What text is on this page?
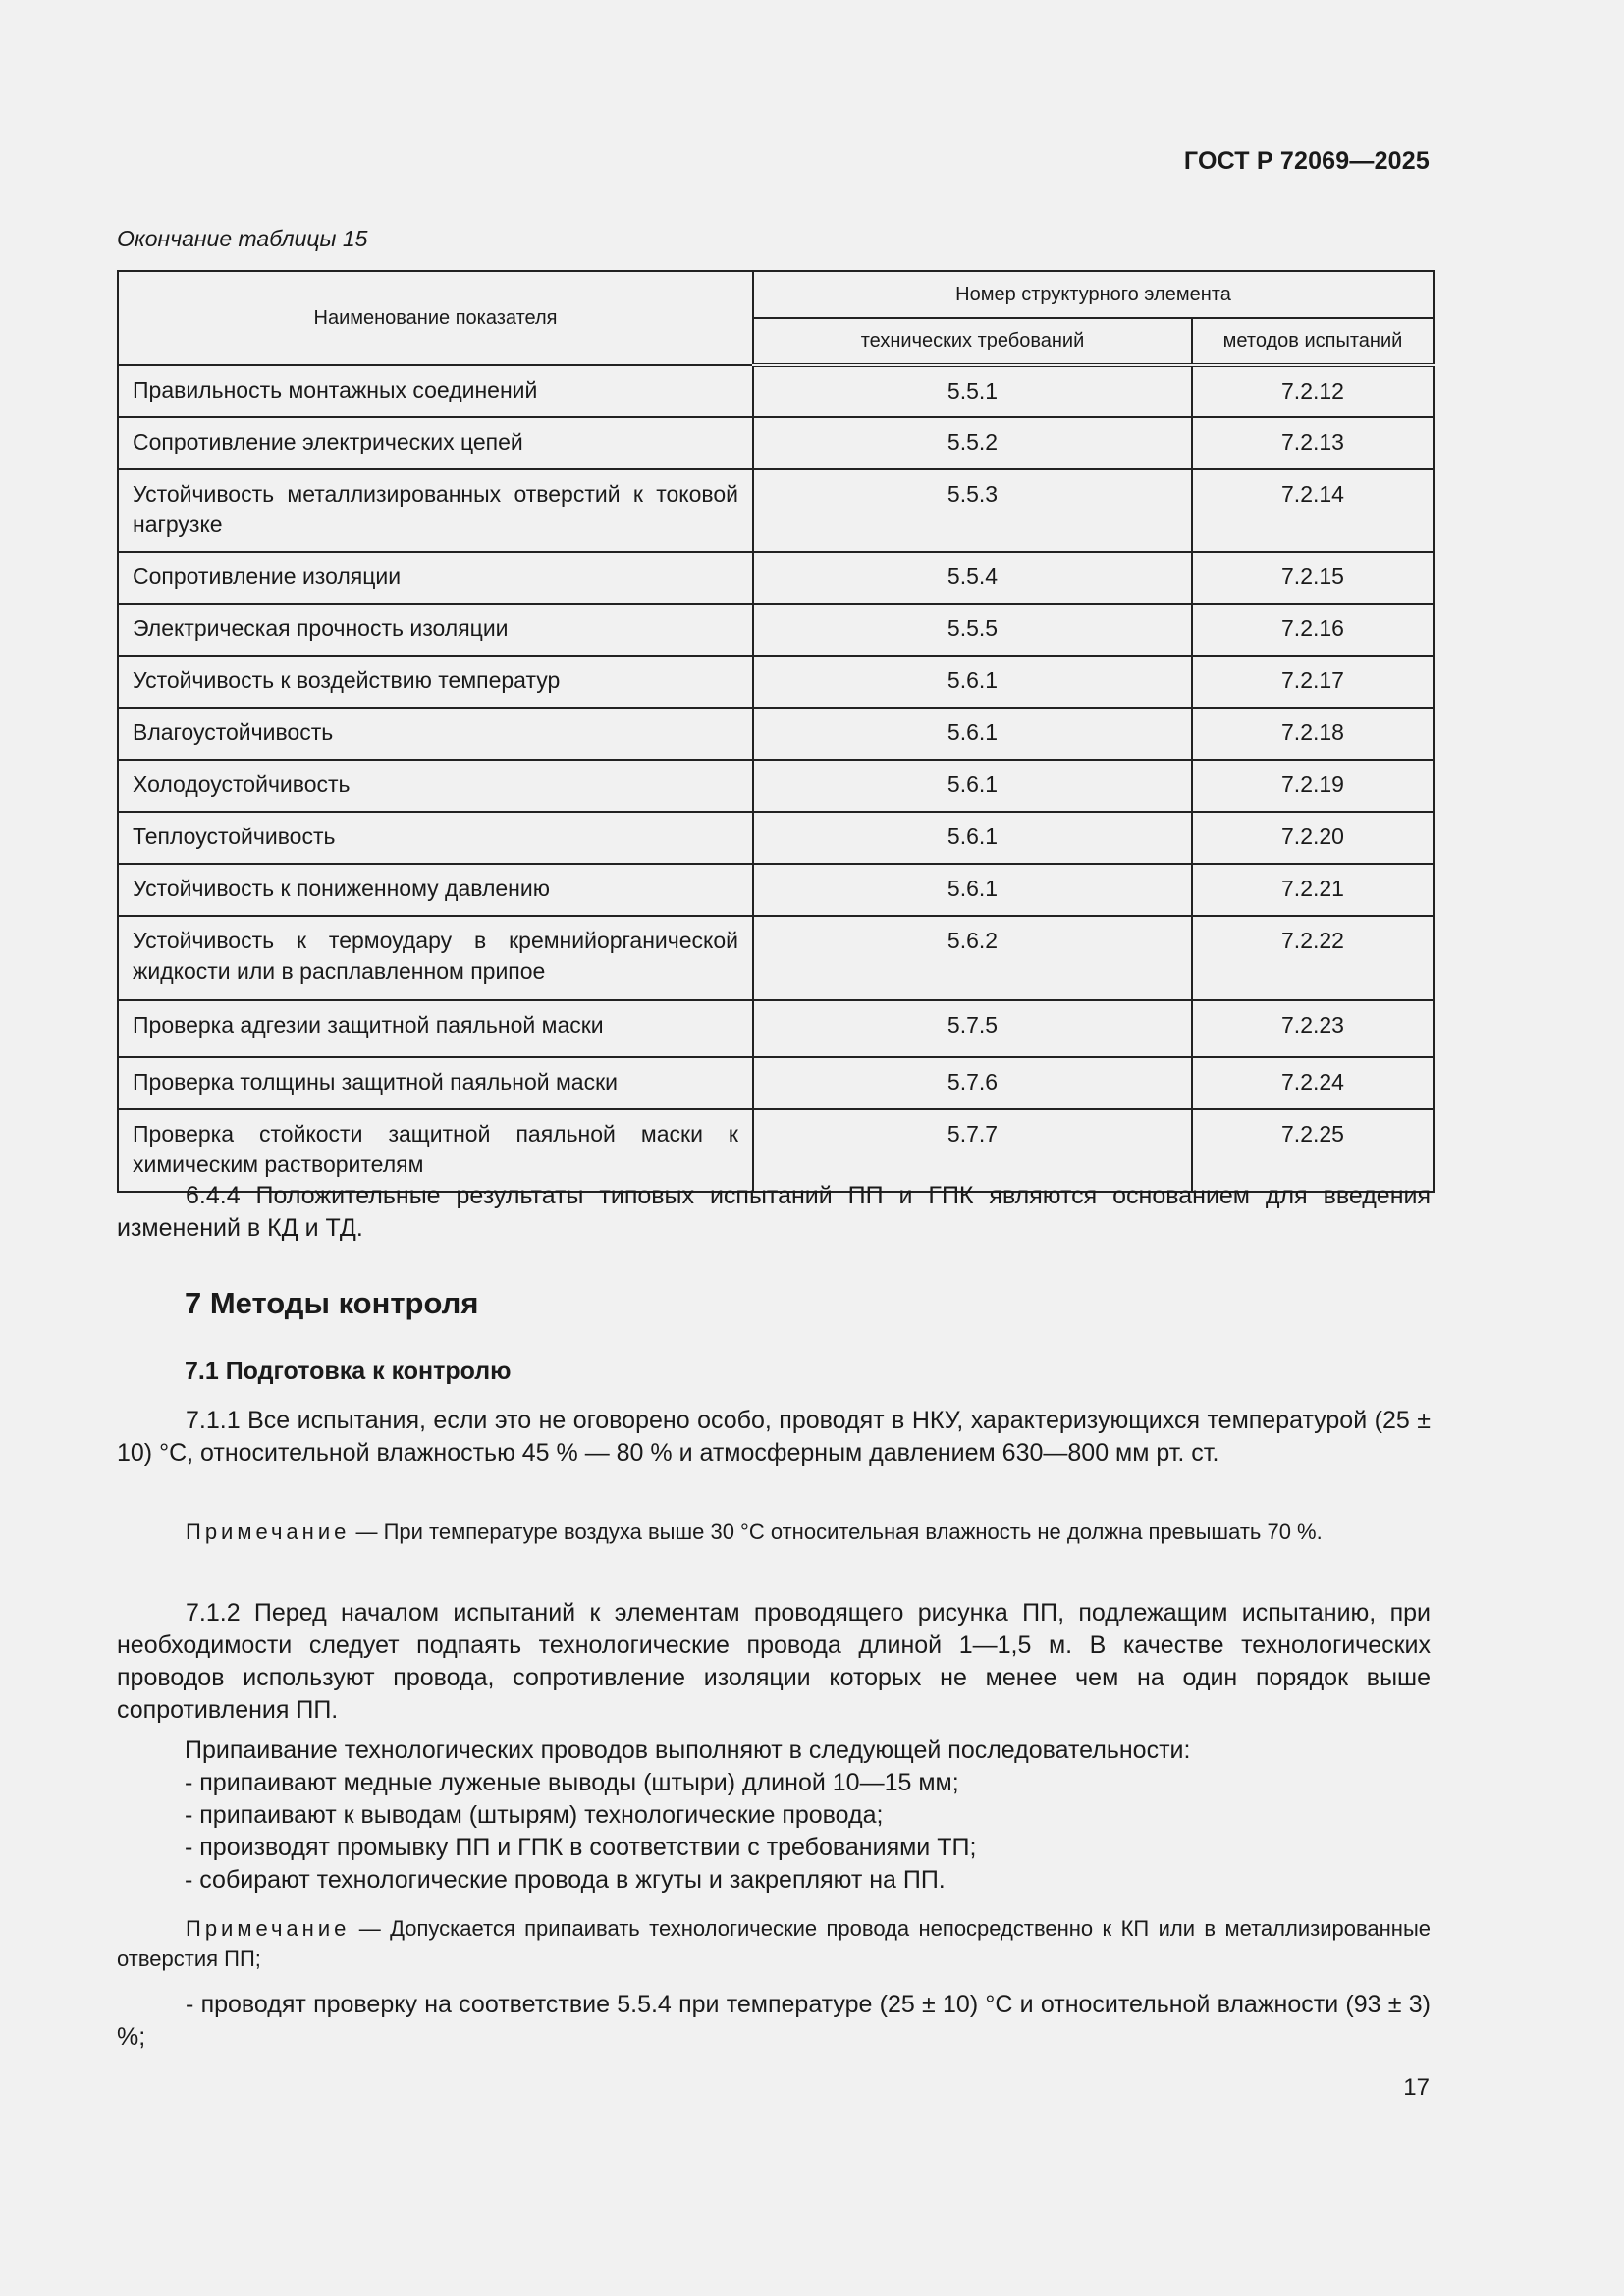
ГОСТ Р 72069—2025
Окончание таблицы 15
Наименование показателя	Номер структурного элемента	
	технических требований	методов испытаний
Правильность монтажных соединений	5.5.1	7.2.12
Сопротивление электрических цепей	5.5.2	7.2.13
Устойчивость металлизированных отверстий к токовой нагрузке	5.5.3	7.2.14
Сопротивление изоляции	5.5.4	7.2.15
Электрическая прочность изоляции	5.5.5	7.2.16
Устойчивость к воздействию температур	5.6.1	7.2.17
Влагоустойчивость	5.6.1	7.2.18
Холодоустойчивость	5.6.1	7.2.19
Теплоустойчивость	5.6.1	7.2.20
Устойчивость к пониженному давлению	5.6.1	7.2.21
Устойчивость к термоудару в кремнийорганической жидкости или в расплавленном припое	5.6.2	7.2.22
Проверка адгезии защитной паяльной маски	5.7.5	7.2.23
Проверка толщины защитной паяльной маски	5.7.6	7.2.24
Проверка стойкости защитной паяльной маски к химическим растворителям	5.7.7	7.2.25
6.4.4 Положительные результаты типовых испытаний ПП и ГПК являются основанием для введения изменений в КД и ТД.
7 Методы контроля
7.1 Подготовка к контролю
7.1.1 Все испытания, если это не оговорено особо, проводят в НКУ, характеризующихся температурой (25 ± 10) °С, относительной влажностью 45 % — 80 % и атмосферным давлением 630—800 мм рт. ст.
Примечание — При температуре воздуха выше 30 °С относительная влажность не должна превышать 70 %.
7.1.2 Перед началом испытаний к элементам проводящего рисунка ПП, подлежащим испытанию, при необходимости следует подпаять технологические провода длиной 1—1,5 м. В качестве технологических проводов используют провода, сопротивление изоляции которых не менее чем на один порядок выше сопротивления ПП.
Припаивание технологических проводов выполняют в следующей последовательности:
- припаивают медные луженые выводы (штыри) длиной 10—15 мм;
- припаивают к выводам (штырям) технологические провода;
- производят промывку ПП и ГПК в соответствии с требованиями ТП;
- собирают технологические провода в жгуты и закрепляют на ПП.
Примечание — Допускается припаивать технологические провода непосредственно к КП или в металлизированные отверстия ПП;
- проводят проверку на соответствие 5.5.4 при температуре (25 ± 10) °С и относительной влажности (93 ± 3) %;
17
